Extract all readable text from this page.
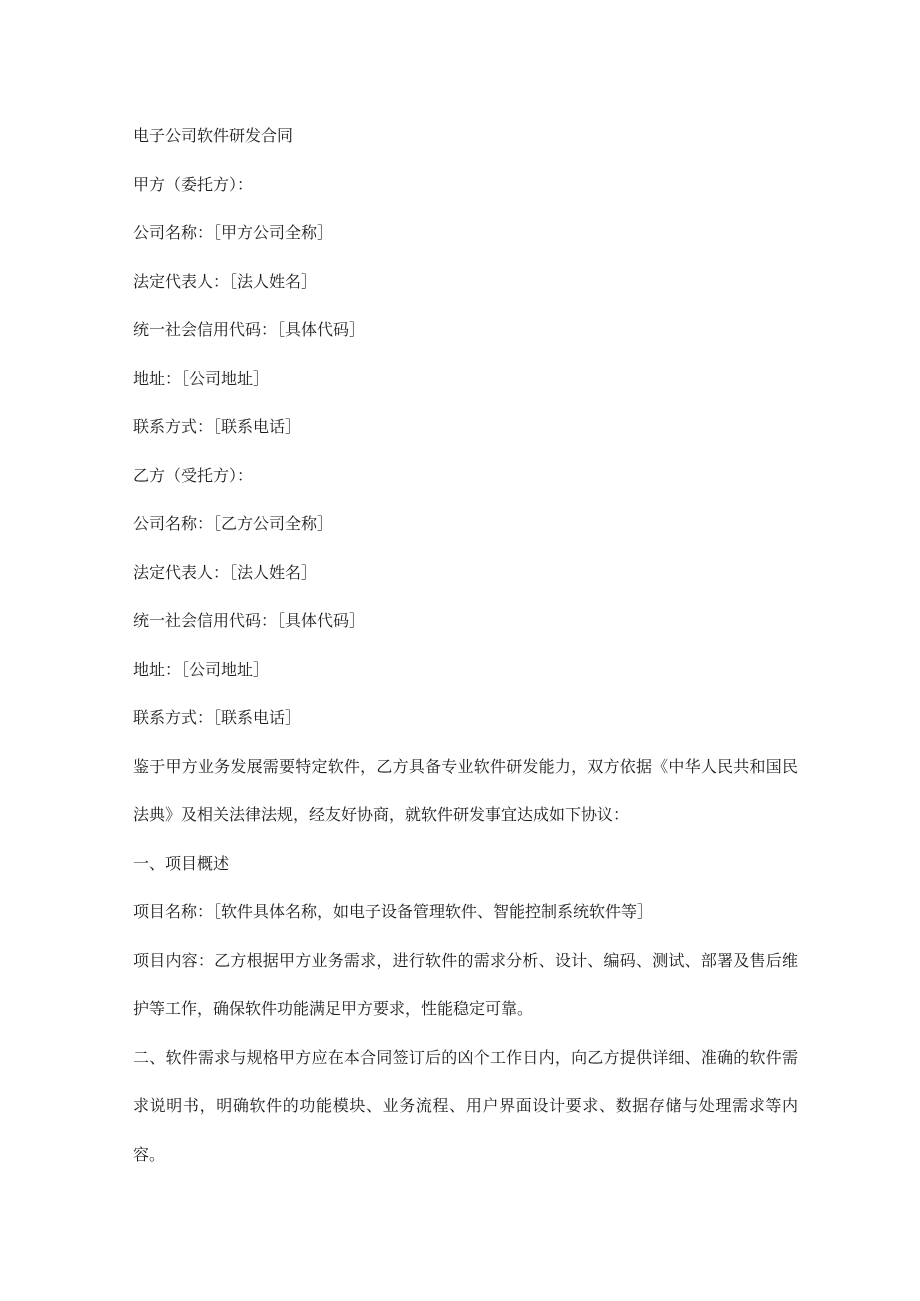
电子公司软件研发合同
甲方（委托方）：
公司名称：［甲方公司全称］
法定代表人：［法人姓名］
统一社会信用代码：［具体代码］
地址：［公司地址］
联系方式：［联系电话］
乙方（受托方）：
公司名称：［乙方公司全称］
法定代表人：［法人姓名］
统一社会信用代码：［具体代码］
地址：［公司地址］
联系方式：［联系电话］
鉴于甲方业务发展需要特定软件，乙方具备专业软件研发能力，双方依据《中华人民共和国民法典》及相关法律法规，经友好协商，就软件研发事宜达成如下协议：
一、项目概述
项目名称：［软件具体名称，如电子设备管理软件、智能控制系统软件等］
项目内容：乙方根据甲方业务需求，进行软件的需求分析、设计、编码、测试、部署及售后维护等工作，确保软件功能满足甲方要求，性能稳定可靠。
二、软件需求与规格甲方应在本合同签订后的凶个工作日内，向乙方提供详细、准确的软件需求说明书，明确软件的功能模块、业务流程、用户界面设计要求、数据存储与处理需求等内容。
